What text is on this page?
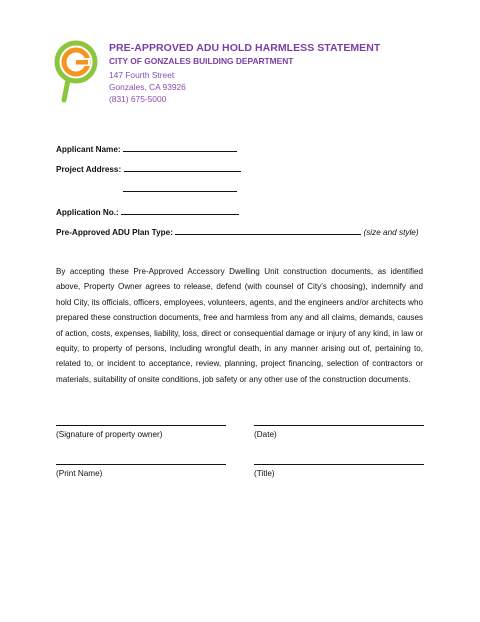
PRE-APPROVED ADU HOLD HARMLESS STATEMENT
CITY OF GONZALES BUILDING DEPARTMENT
147 Fourth Street
Gonzales, CA 93926
(831) 675-5000
Applicant Name:
Project Address:
Application No.:
Pre-Approved ADU Plan Type:	(size and style)
By accepting these Pre-Approved Accessory Dwelling Unit construction documents, as identified above, Property Owner agrees to release, defend (with counsel of City’s choosing), indemnify and hold City, its officials, officers, employees, volunteers, agents, and the engineers and/or architects who prepared these construction documents, free and harmless from any and all claims, demands, causes of action, costs, expenses, liability, loss, direct or consequential damage or injury of any kind, in law or equity, to property of persons, including wrongful death, in any manner arising out of, pertaining to, related to, or incident to acceptance, review, planning, project financing, selection of contractors or materials, suitability of onsite conditions, job safety or any other use of the construction documents.
(Signature of property owner)	(Date)
(Print Name)	(Title)
